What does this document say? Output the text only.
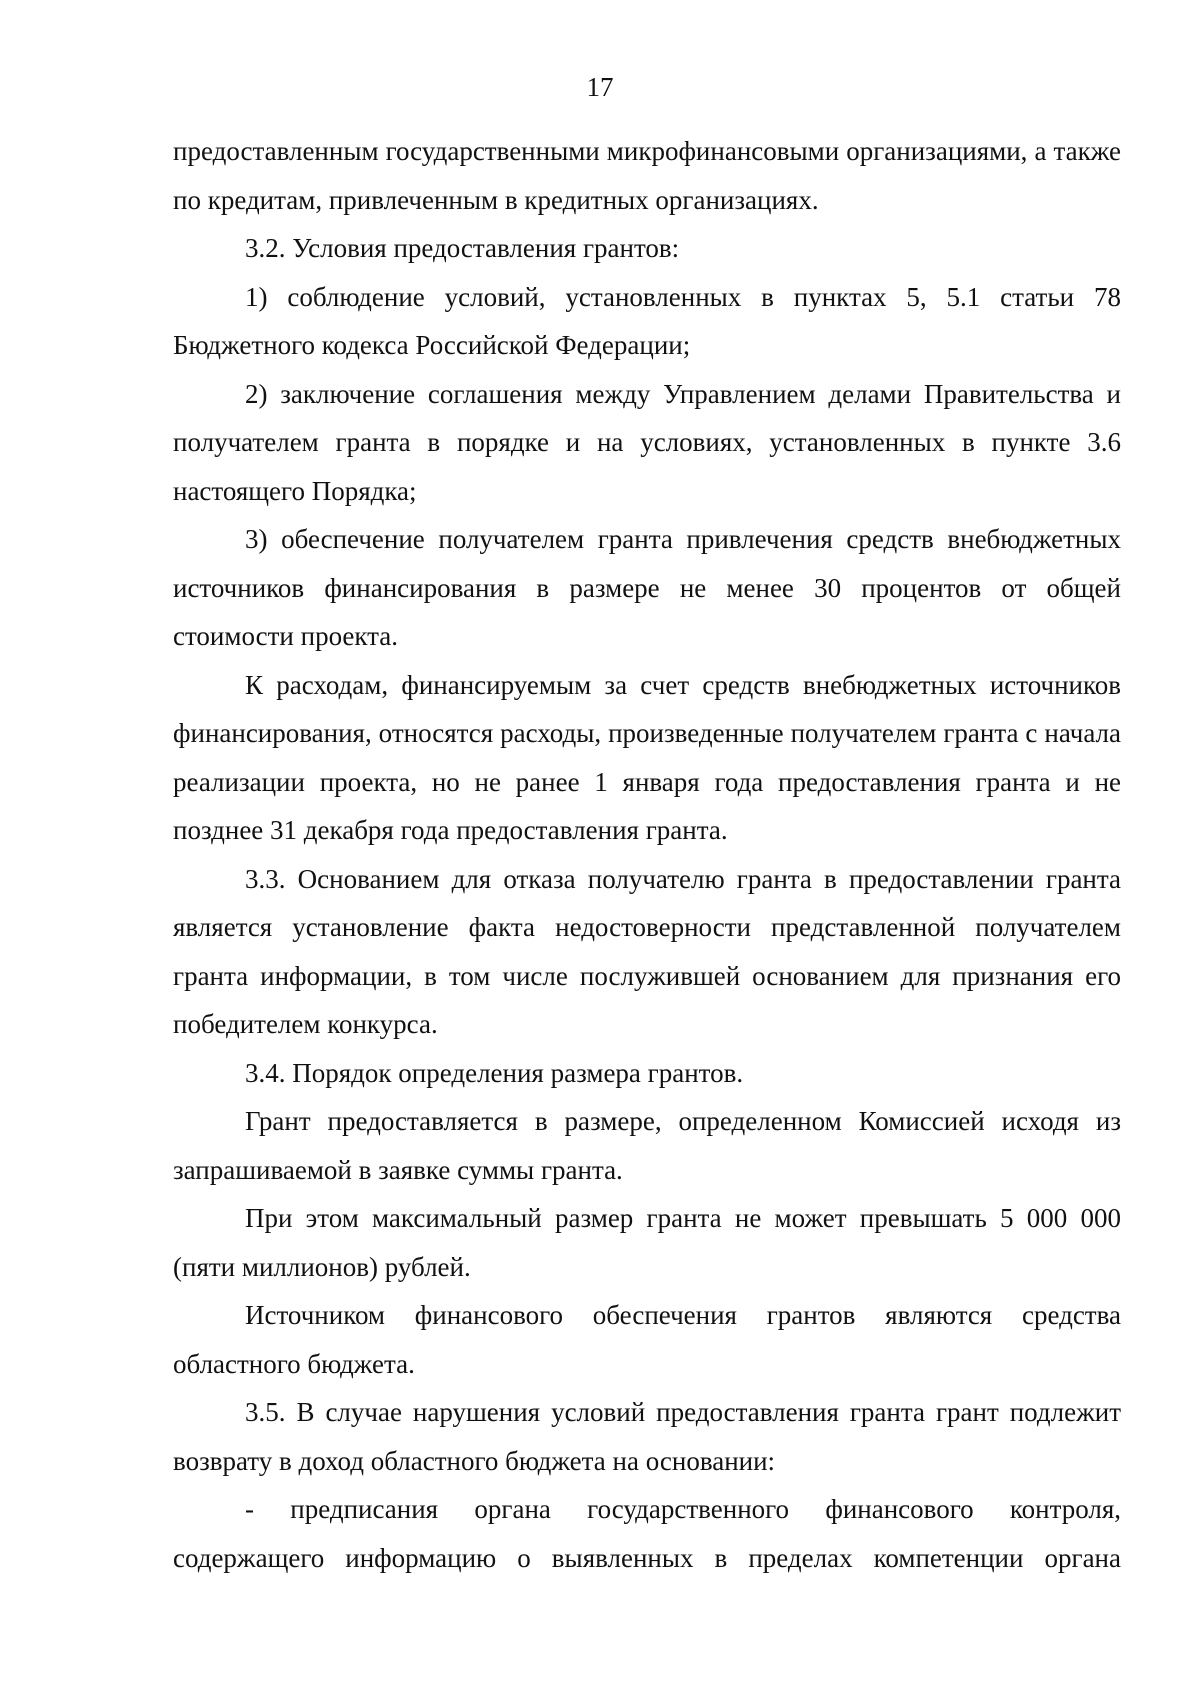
17

предоставленным государственными микрофинансовыми организациями, а также по кредитам, привлеченным в кредитных организациях.

3.2. Условия предоставления грантов:

1) соблюдение условий, установленных в пунктах 5, 5.1 статьи 78 Бюджетного кодекса Российской Федерации;

2) заключение соглашения между Управлением делами Правительства и получателем гранта в порядке и на условиях, установленных в пункте 3.6 настоящего Порядка;

3) обеспечение получателем гранта привлечения средств внебюджетных источников финансирования в размере не менее 30 процентов от общей стоимости проекта.

К расходам, финансируемым за счет средств внебюджетных источников финансирования, относятся расходы, произведенные получателем гранта с начала реализации проекта, но не ранее 1 января года предоставления гранта и не позднее 31 декабря года предоставления гранта.

3.3. Основанием для отказа получателю гранта в предоставлении гранта является установление факта недостоверности представленной получателем гранта информации, в том числе послужившей основанием для признания его победителем конкурса.

3.4. Порядок определения размера грантов.

Грант предоставляется в размере, определенном Комиссией исходя из запрашиваемой в заявке суммы гранта.

При этом максимальный размер гранта не может превышать 5 000 000 (пяти миллионов) рублей.

Источником финансового обеспечения грантов являются средства областного бюджета.

3.5. В случае нарушения условий предоставления гранта грант подлежит возврату в доход областного бюджета на основании:

- предписания органа государственного финансового контроля, содержащего информацию о выявленных в пределах компетенции органа
